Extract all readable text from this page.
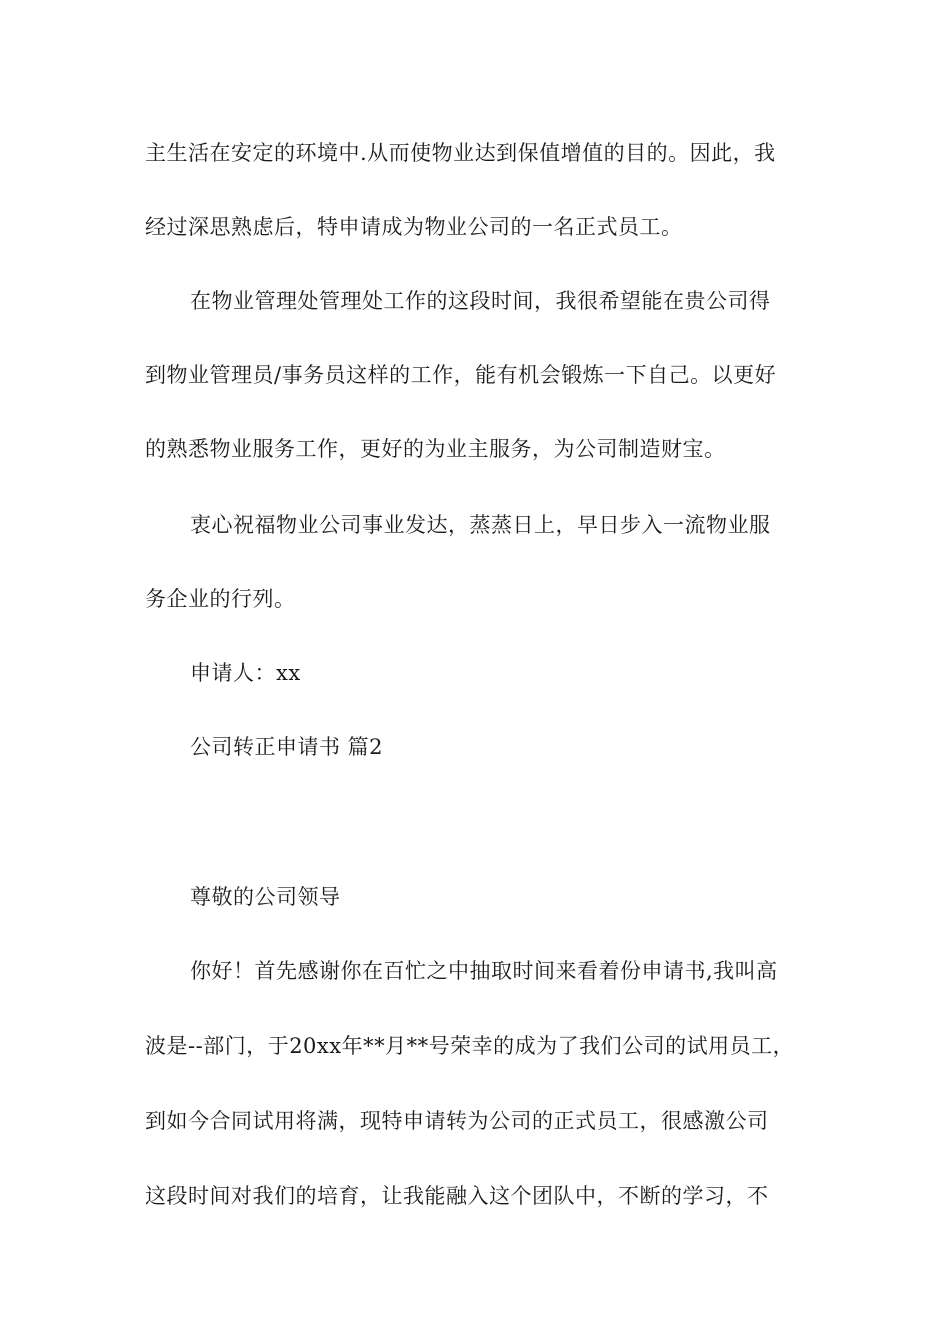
主生活在安定的环境中.从而使物业达到保值增值的目的。因此，我
经过深思熟虑后，特申请成为物业公司的一名正式员工。
在物业管理处管理处工作的这段时间，我很希望能在贵公司得
到物业管理员/事务员这样的工作，能有机会锻炼一下自己。以更好
的熟悉物业服务工作，更好的为业主服务，为公司制造财宝。
衷心祝福物业公司事业发达，蒸蒸日上，早日步入一流物业服
务企业的行列。
申请人：xx
公司转正申请书 篇2
尊敬的公司领导
你好！首先感谢你在百忙之中抽取时间来看着份申请书,我叫高
波是--部门，于20xx年**月**号荣幸的成为了我们公司的试用员工，
到如今合同试用将满，现特申请转为公司的正式员工，很感激公司
这段时间对我们的培育，让我能融入这个团队中，不断的学习，不
